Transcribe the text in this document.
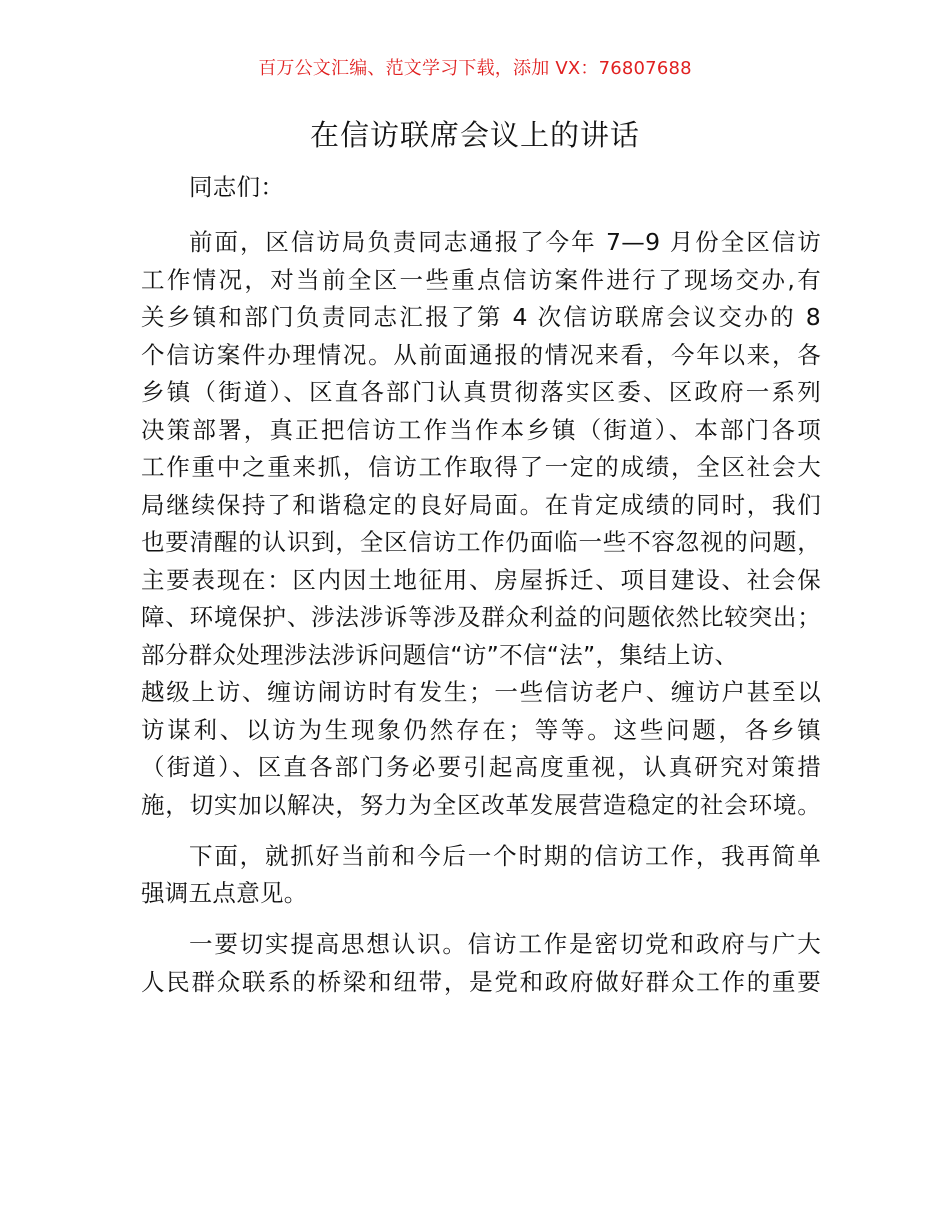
百万公文汇编、范文学习下载，添加 VX：76807688
在信访联席会议上的讲话
同志们：
前面，区信访局负责同志通报了今年 7—9 月份全区信访
工作情况，对当前全区一些重点信访案件进行了现场交办,有
关乡镇和部门负责同志汇报了第 4 次信访联席会议交办的 8
个信访案件办理情况。从前面通报的情况来看，今年以来，各
乡镇（街道）、区直各部门认真贯彻落实区委、区政府一系列
决策部署，真正把信访工作当作本乡镇（街道）、本部门各项
工作重中之重来抓，信访工作取得了一定的成绩，全区社会大
局继续保持了和谐稳定的良好局面。在肯定成绩的同时，我们
也要清醒的认识到，全区信访工作仍面临一些不容忽视的问题，
主要表现在：区内因土地征用、房屋拆迁、项目建设、社会保
障、环境保护、涉法涉诉等涉及群众利益的问题依然比较突出；
部分群众处理涉法涉诉问题信“访”不信“法”，集结上访、
越级上访、缠访闹访时有发生；一些信访老户、缠访户甚至以
访谋利、以访为生现象仍然存在；等等。这些问题，各乡镇
（街道）、区直各部门务必要引起高度重视，认真研究对策措
施，切实加以解决，努力为全区改革发展营造稳定的社会环境。
下面，就抓好当前和今后一个时期的信访工作，我再简单
强调五点意见。
一要切实提高思想认识。信访工作是密切党和政府与广大
人民群众联系的桥梁和纽带，是党和政府做好群众工作的重要
